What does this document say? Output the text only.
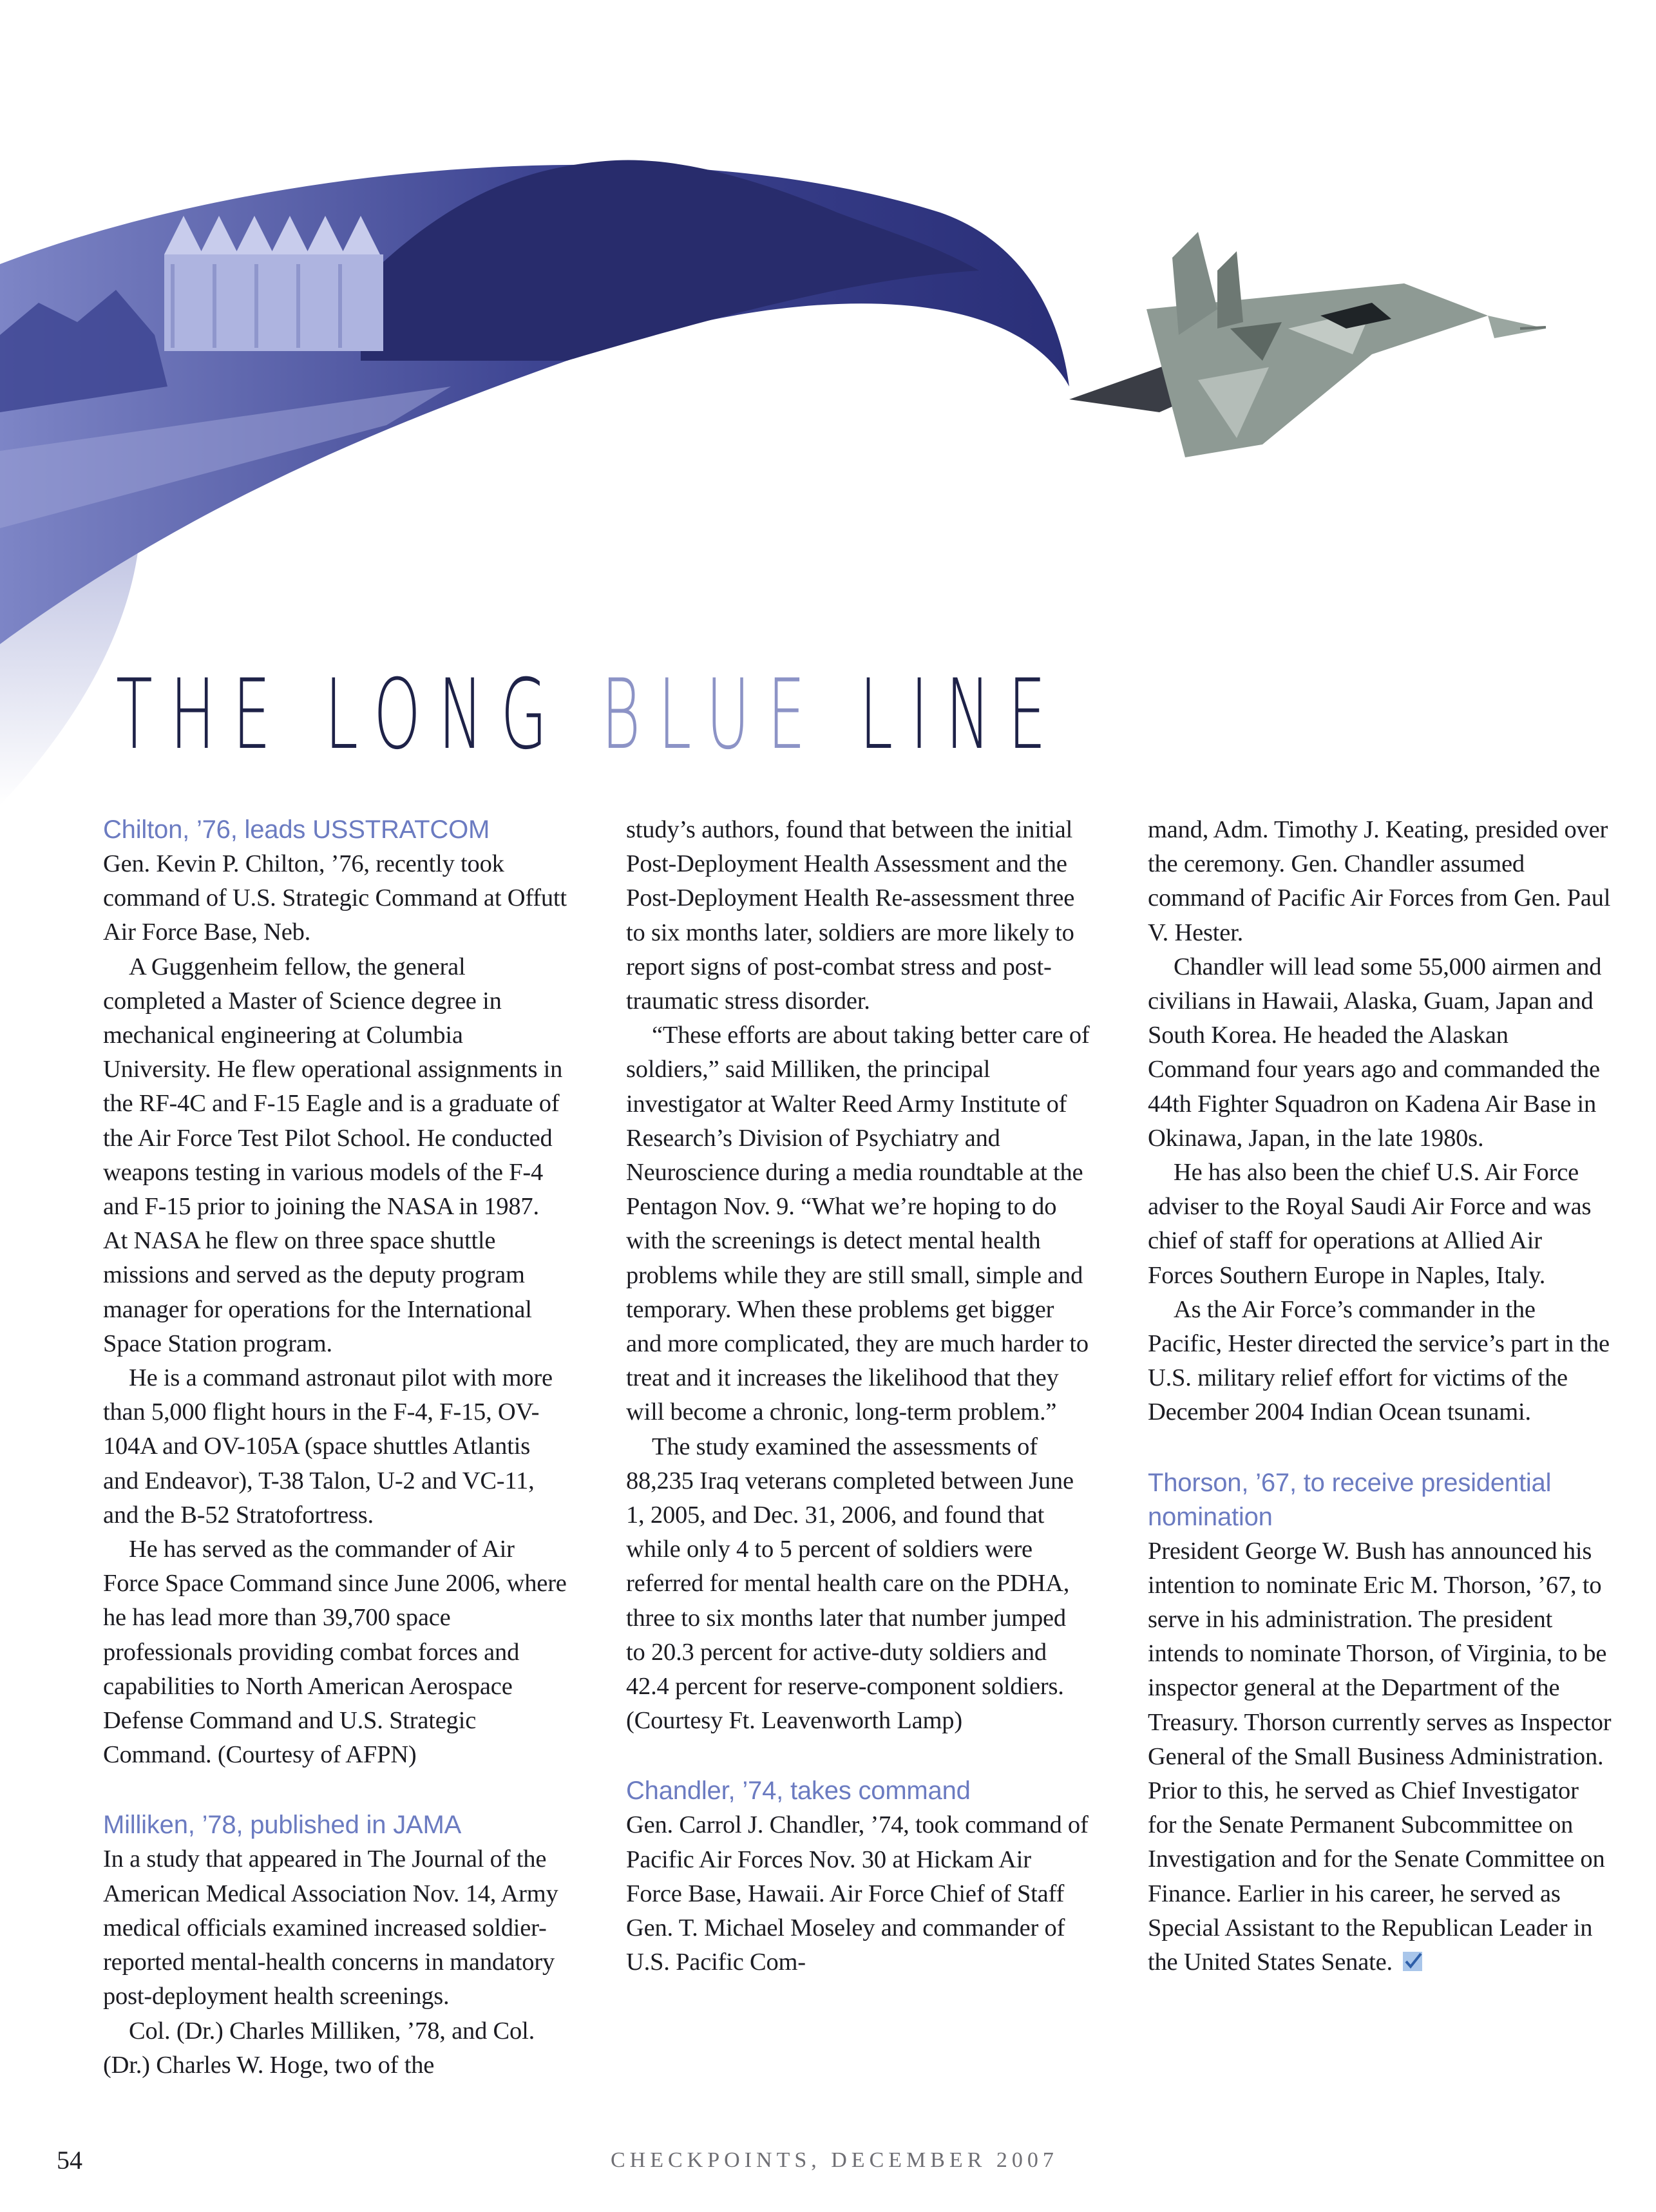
THE LONG BLUE LINE
Chilton, ’76, leads USSTRATCOM

Gen. Kevin P. Chilton, ’76, recently took command of U.S. Strategic Command at Offutt Air Force Base, Neb.

A Guggenheim fellow, the general completed a Master of Science degree in mechanical engineering at Columbia University. He flew operational assignments in the RF-4C and F-15 Eagle and is a graduate of the Air Force Test Pilot School. He conducted weapons testing in various models of the F-4 and F-15 prior to joining the NASA in 1987. At NASA he flew on three space shuttle missions and served as the deputy program manager for operations for the International Space Station program.

He is a command astronaut pilot with more than 5,000 flight hours in the F-4, F-15, OV-104A and OV-105A (space shuttles Atlantis and Endeavor), T-38 Talon, U-2 and VC-11, and the B-52 Stratofortress.

He has served as the commander of Air Force Space Command since June 2006, where he has lead more than 39,700 space professionals providing combat forces and capabilities to North American Aerospace Defense Command and U.S. Strategic Command. (Courtesy of AFPN)

Milliken, ’78, published in JAMA

In a study that appeared in The Journal of the American Medical Association Nov. 14, Army medical officials examined increased soldier-reported mental-health concerns in mandatory post-deployment health screenings.

Col. (Dr.) Charles Milliken, ’78, and Col. (Dr.) Charles W. Hoge, two of the

study’s authors, found that between the initial Post-Deployment Health Assessment and the Post-Deployment Health Re-assessment three to six months later, soldiers are more likely to report signs of post-combat stress and post-traumatic stress disorder.

“These efforts are about taking better care of soldiers,” said Milliken, the principal investigator at Walter Reed Army Institute of Research’s Division of Psychiatry and Neuroscience during a media roundtable at the Pentagon Nov. 9. “What we’re hoping to do with the screenings is detect mental health problems while they are still small, simple and temporary. When these problems get bigger and more complicated, they are much harder to treat and it increases the likelihood that they will become a chronic, long-term problem.”

The study examined the assessments of 88,235 Iraq veterans completed between June 1, 2005, and Dec. 31, 2006, and found that while only 4 to 5 percent of soldiers were referred for mental health care on the PDHA, three to six months later that number jumped to 20.3 percent for active-duty soldiers and 42.4 percent for reserve-component soldiers. (Courtesy Ft. Leavenworth Lamp)

Chandler, ’74, takes command

Gen. Carrol J. Chandler, ’74, took command of Pacific Air Forces Nov. 30 at Hickam Air Force Base, Hawaii. Air Force Chief of Staff Gen. T. Michael Moseley and commander of U.S. Pacific Com-

mand, Adm. Timothy J. Keating, presided over the ceremony. Gen. Chandler assumed command of Pacific Air Forces from Gen. Paul V. Hester.

Chandler will lead some 55,000 airmen and civilians in Hawaii, Alaska, Guam, Japan and South Korea. He headed the Alaskan Command four years ago and commanded the 44th Fighter Squadron on Kadena Air Base in Okinawa, Japan, in the late 1980s.

He has also been the chief U.S. Air Force adviser to the Royal Saudi Air Force and was chief of staff for operations at Allied Air Forces Southern Europe in Naples, Italy.

As the Air Force’s commander in the Pacific, Hester directed the service’s part in the U.S. military relief effort for victims of the December 2004 Indian Ocean tsunami.

Thorson, ’67, to receive presidential nomination

President George W. Bush has announced his intention to nominate Eric M. Thorson, ’67, to serve in his administration. The president intends to nominate Thorson, of Virginia, to be inspector general at the Department of the Treasury. Thorson currently serves as Inspector General of the Small Business Administration. Prior to this, he served as Chief Investigator for the Senate Permanent Subcommittee on Investigation and for the Senate Committee on Finance. Earlier in his career, he served as Special Assistant to the Republican Leader in the United States Senate.

54	CHECKPOINTS, DECEMBER 2007
